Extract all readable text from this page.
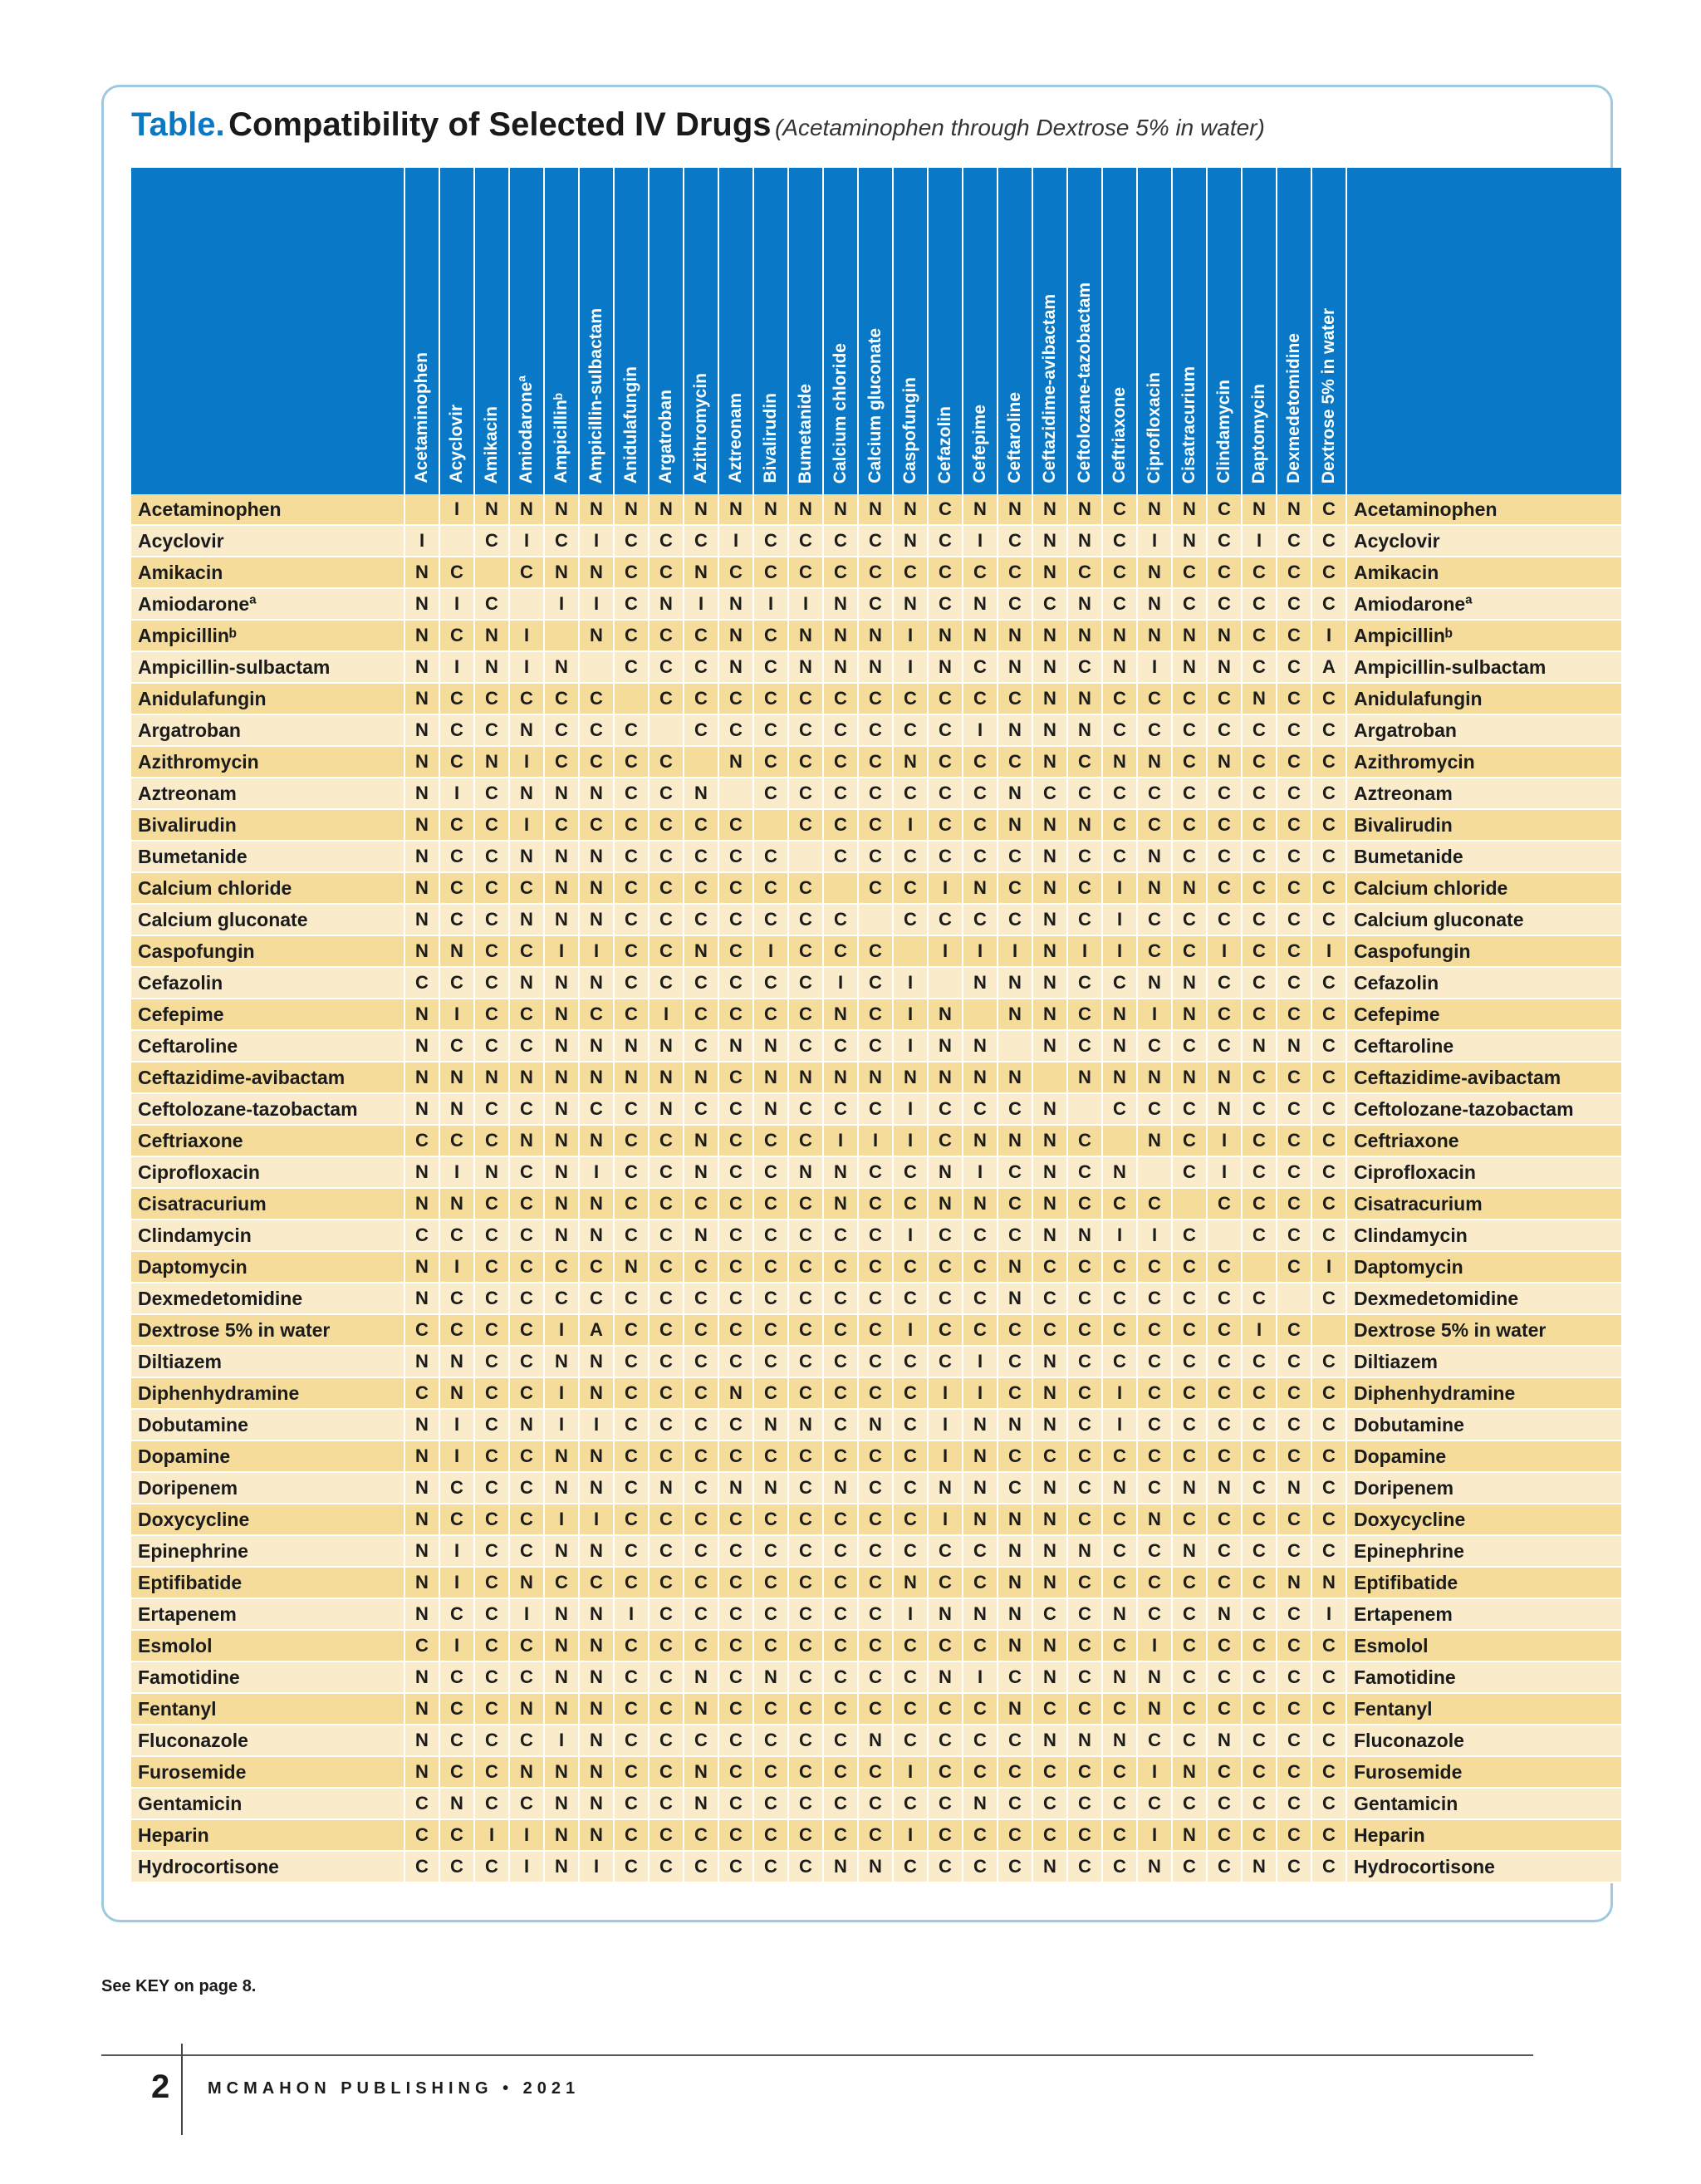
Table. Compatibility of Selected IV Drugs (Acetaminophen through Dextrose 5% in water)
	Acetaminophen	Acyclovir	Amikacin	Amiodaroneª	Ampicillinᵇ	Ampicillin-sulbactam	Anidulafungin	Argatroban	Azithromycin	Aztreonam	Bivalirudin	Bumetanide	Calcium chloride	Calcium gluconate	Caspofungin	Cefazolin	Cefepime	Ceftaroline	Ceftazidime-avibactam	Ceftolozane-tazobactam	Ceftriaxone	Ciprofloxacin	Cisatracurium	Clindamycin	Daptomycin	Dexmedetomidine	Dextrose 5% in water	
Acetaminophen		I	N	N	N	N	N	N	N	N	N	N	N	N	N	C	N	N	N	N	C	N	N	C	N	N	C	Acetaminophen
Acyclovir	I		C	I	C	I	C	C	C	I	C	C	C	C	N	C	I	C	N	N	C	I	N	C	I	C	C	Acyclovir
Amikacin	N	C		C	N	N	C	C	N	C	C	C	C	C	C	C	C	C	N	C	C	N	C	C	C	C	C	Amikacin
Amiodaroneª	N	I	C		I	I	C	N	I	N	I	I	N	C	N	C	N	C	C	N	C	N	C	C	C	C	C	Amiodaroneª
Ampicillinᵇ	N	C	N	I		N	C	C	C	N	C	N	N	N	I	N	N	N	N	N	N	N	N	N	C	C	I	Ampicillinᵇ
Ampicillin-sulbactam	N	I	N	I	N		C	C	C	N	C	N	N	N	I	N	C	N	N	C	N	I	N	N	C	C	A	Ampicillin-sulbactam
Anidulafungin	N	C	C	C	C	C		C	C	C	C	C	C	C	C	C	C	C	N	N	C	C	C	C	N	C	C	Anidulafungin
Argatroban	N	C	C	N	C	C	C		C	C	C	C	C	C	C	C	I	N	N	N	C	C	C	C	C	C	C	Argatroban
Azithromycin	N	C	N	I	C	C	C	C		N	C	C	C	C	N	C	C	C	N	C	N	N	C	N	C	C	C	Azithromycin
Aztreonam	N	I	C	N	N	N	C	C	N		C	C	C	C	C	C	C	N	C	C	C	C	C	C	C	C	C	Aztreonam
Bivalirudin	N	C	C	I	C	C	C	C	C	C		C	C	C	I	C	C	N	N	N	C	C	C	C	C	C	C	Bivalirudin
Bumetanide	N	C	C	N	N	N	C	C	C	C	C		C	C	C	C	C	C	N	C	C	N	C	C	C	C	C	Bumetanide
Calcium chloride	N	C	C	C	N	N	C	C	C	C	C	C		C	C	I	N	C	N	C	I	N	N	C	C	C	C	Calcium chloride
Calcium gluconate	N	C	C	N	N	N	C	C	C	C	C	C	C		C	C	C	C	N	C	I	C	C	C	C	C	C	Calcium gluconate
Caspofungin	N	N	C	C	I	I	C	C	N	C	I	C	C	C		I	I	I	N	I	I	C	C	I	C	C	I	Caspofungin
Cefazolin	C	C	C	N	N	N	C	C	C	C	C	C	I	C	I		N	N	N	C	C	N	N	C	C	C	C	Cefazolin
Cefepime	N	I	C	C	N	C	C	I	C	C	C	C	N	C	I	N		N	N	C	N	I	N	C	C	C	C	Cefepime
Ceftaroline	N	C	C	C	N	N	N	N	C	N	N	C	C	C	I	N	N		N	C	N	C	C	C	N	N	C	Ceftaroline
Ceftazidime-avibactam	N	N	N	N	N	N	N	N	N	C	N	N	N	N	N	N	N	N		N	N	N	N	N	C	C	C	Ceftazidime-avibactam
Ceftolozane-tazobactam	N	N	C	C	N	C	C	N	C	C	N	C	C	C	I	C	C	C	N		C	C	C	N	C	C	C	Ceftolozane-tazobactam
Ceftriaxone	C	C	C	N	N	N	C	C	N	C	C	C	I	I	I	C	N	N	N	C		N	C	I	C	C	C	Ceftriaxone
Ciprofloxacin	N	I	N	C	N	I	C	C	N	C	C	N	N	C	C	N	I	C	N	C	N		C	I	C	C	C	Ciprofloxacin
Cisatracurium	N	N	C	C	N	N	C	C	C	C	C	C	N	C	C	N	N	C	N	C	C	C		C	C	C	C	Cisatracurium
Clindamycin	C	C	C	C	N	N	C	C	N	C	C	C	C	C	I	C	C	C	N	N	I	I	C		C	C	C	Clindamycin
Daptomycin	N	I	C	C	C	C	N	C	C	C	C	C	C	C	C	C	C	N	C	C	C	C	C	C		C	I	Daptomycin
Dexmedetomidine	N	C	C	C	C	C	C	C	C	C	C	C	C	C	C	C	C	N	C	C	C	C	C	C	C		C	Dexmedetomidine
Dextrose 5% in water	C	C	C	C	I	A	C	C	C	C	C	C	C	C	I	C	C	C	C	C	C	C	C	C	I	C		Dextrose 5% in water
Diltiazem	N	N	C	C	N	N	C	C	C	C	C	C	C	C	C	C	I	C	N	C	C	C	C	C	C	C	C	Diltiazem
Diphenhydramine	C	N	C	C	I	N	C	C	C	N	C	C	C	C	C	I	I	C	N	C	I	C	C	C	C	C	C	Diphenhydramine
Dobutamine	N	I	C	N	I	I	C	C	C	C	N	N	C	N	C	I	N	N	N	C	I	C	C	C	C	C	C	Dobutamine
Dopamine	N	I	C	C	N	N	C	C	C	C	C	C	C	C	C	I	N	C	C	C	C	C	C	C	C	C	C	Dopamine
Doripenem	N	C	C	C	N	N	C	N	C	N	N	C	N	C	C	N	N	C	N	C	N	C	N	N	C	N	C	Doripenem
Doxycycline	N	C	C	C	I	I	C	C	C	C	C	C	C	C	C	I	N	N	N	C	C	N	C	C	C	C	C	Doxycycline
Epinephrine	N	I	C	C	N	N	C	C	C	C	C	C	C	C	C	C	C	N	N	N	C	C	N	C	C	C	C	Epinephrine
Eptifibatide	N	I	C	N	C	C	C	C	C	C	C	C	C	C	N	C	C	N	N	C	C	C	C	C	C	N	N	Eptifibatide
Ertapenem	N	C	C	I	N	N	I	C	C	C	C	C	C	C	I	N	N	N	C	C	N	C	C	N	C	C	I	Ertapenem
Esmolol	C	I	C	C	N	N	C	C	C	C	C	C	C	C	C	C	C	N	N	C	C	I	C	C	C	C	C	Esmolol
Famotidine	N	C	C	C	N	N	C	C	N	C	N	C	C	C	C	N	I	C	N	C	N	N	C	C	C	C	C	Famotidine
Fentanyl	N	C	C	N	N	N	C	C	N	C	C	C	C	C	C	C	C	N	C	C	C	N	C	C	C	C	C	Fentanyl
Fluconazole	N	C	C	C	I	N	C	C	C	C	C	C	C	N	C	C	C	C	N	N	N	C	C	N	C	C	C	Fluconazole
Furosemide	N	C	C	N	N	N	C	C	N	C	C	C	C	C	I	C	C	C	C	C	C	I	N	C	C	C	C	Furosemide
Gentamicin	C	N	C	C	N	N	C	C	N	C	C	C	C	C	C	C	N	C	C	C	C	C	C	C	C	C	C	Gentamicin
Heparin	C	C	I	I	N	N	C	C	C	C	C	C	C	C	I	C	C	C	C	C	C	I	N	C	C	C	C	Heparin
Hydrocortisone	C	C	C	I	N	I	C	C	C	C	C	C	N	N	C	C	C	C	N	C	C	N	C	C	N	C	C	Hydrocortisone
See KEY on page 8.
2 MCMAHON PUBLISHING • 2021
